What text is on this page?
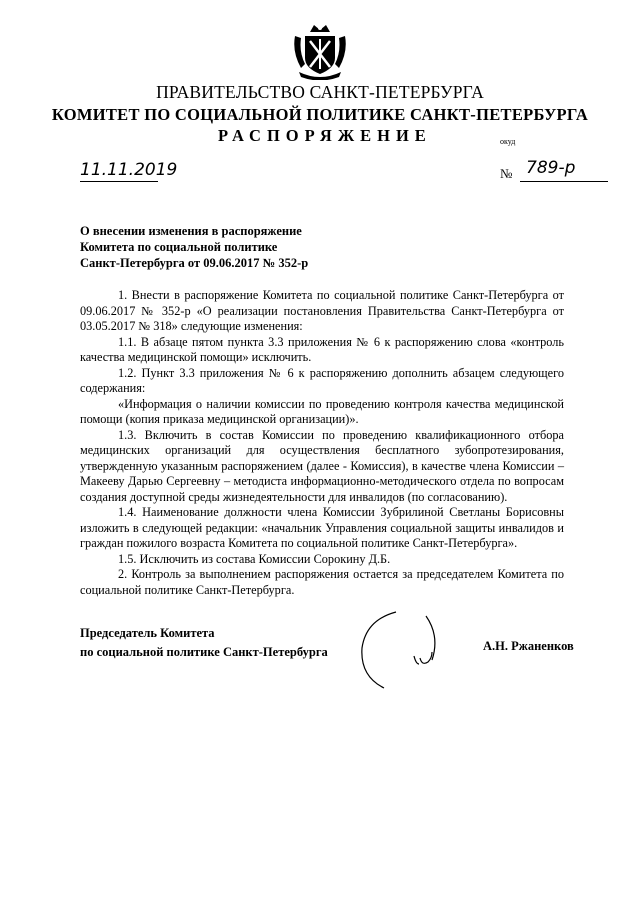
ПРАВИТЕЛЬСТВО САНКТ-ПЕТЕРБУРГА
КОМИТЕТ ПО СОЦИАЛЬНОЙ ПОЛИТИКЕ САНКТ-ПЕТЕРБУРГА
РАСПОРЯЖЕНИЕ	окуд
11.11.2019	№ 789-р
О внесении изменения в распоряжение
Комитета по социальной политике
Санкт-Петербурга от 09.06.2017 № 352-р

1. Внести в распоряжение Комитета по социальной политике Санкт-Петербурга от 09.06.2017 № 352-р «О реализации постановления Правительства Санкт-Петербурга от 03.05.2017 № 318» следующие изменения:

1.1. В абзаце пятом пункта 3.3 приложения № 6 к распоряжению слова «контроль качества медицинской помощи» исключить.

1.2. Пункт 3.3 приложения № 6 к распоряжению дополнить абзацем следующего содержания:

«Информация о наличии комиссии по проведению контроля качества медицинской помощи (копия приказа медицинской организации)».

1.3. Включить в состав Комиссии по проведению квалификационного отбора медицинских организаций для осуществления бесплатного зубопротезирования, утвержденную указанным распоряжением (далее - Комиссия), в качестве члена Комиссии – Макееву Дарью Сергеевну – методиста информационно-методического отдела по вопросам создания доступной среды жизнедеятельности для инвалидов (по согласованию).

1.4. Наименование должности члена Комиссии Зубрилиной Светланы Борисовны изложить в следующей редакции: «начальник Управления социальной защиты инвалидов и граждан пожилого возраста Комитета по социальной политике Санкт-Петербурга».

1.5. Исключить из состава Комиссии Сорокину Д.Б.

2. Контроль за выполнением распоряжения остается за председателем Комитета по социальной политике Санкт-Петербурга.

Председатель Комитета
по социальной политике Санкт-Петербурга	А.Н. Ржаненков
